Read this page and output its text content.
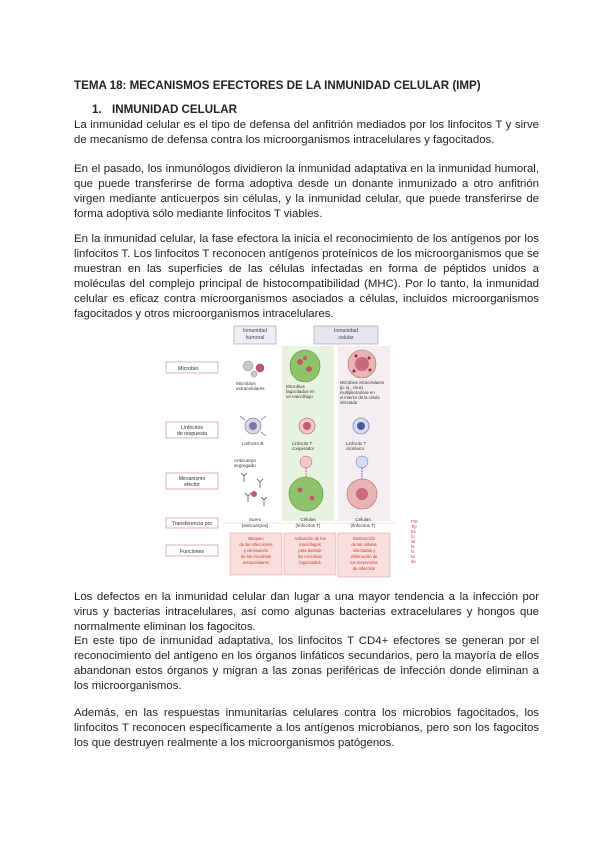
TEMA 18: MECANISMOS EFECTORES DE LA INMUNIDAD CELULAR (IMP)
1. INMUNIDAD CELULAR

La inmunidad celular es el tipo de defensa del anfitrión mediados por los linfocitos T y sirve de mecanismo de defensa contra los microorganismos intracelulares y fagocitados.

En el pasado, los inmunólogos dividieron la inmunidad adaptativa en la inmunidad humoral, que puede transferirse de forma adoptiva desde un donante inmunizado a otro anfitrión virgen mediante anticuerpos sin células, y la inmunidad celular, que puede transferirse de forma adoptiva sólo mediante linfocitos T viables.

En la inmunidad celular, la fase efectora la inicia el reconocimiento de los antígenos por los linfocitos T. Los linfocitos T reconocen antígenos proteínicos de los microorganismos que se muestran en las superficies de las células infectadas en forma de péptidos unidos a moléculas del complejo principal de histocompatibilidad (MHC). Por lo tanto, la inmunidad celular es eficaz contra microorganismos asociados a células, incluidos microorganismos fagocitados y otros microorganismos intracelulares.

Inmunidad
humoral
Inmunidad
celular
Microbio
Linfocitos
de respuesta
Mecanismo
efector
Transferencia por
Funciones
Microbios
extracelulares	Microbios
fagocitados en
un macrófago
Microbios intracelulares
(p. ej., virus)
multiplicándose en
el interior de la célula
infectada
Linfocito B	Linfocito T
cooperador
Linfocito T
citotóxico
Anticuerpo
segregado
Suero
(anticuerpos)
Células
(linfocitos T)
Células
(linfocitos T)
Bloqueo
de las infecciones
y eliminación
de los microbios
extracelulares
Activación de los
macrófagos
para destruir
los microbios
fagocitados
Destrucción
de las células
infectadas y
eliminación de
los reservorios
de infección
FIG
Tip
Ex
fo
lul
fa
fo
lul
de

Los defectos en la inmunidad celular dan lugar a una mayor tendencia a la infección por virus y bacterias intracelulares, así como algunas bacterias extracelulares y hongos que normalmente eliminan los fagocitos.

En este tipo de inmunidad adaptativa, los linfocitos T CD4+ efectores se generan por el reconocimiento del antígeno en los órganos linfáticos secundarios, pero la mayoría de ellos abandonan estos órganos y migran a las zonas periféricas de infección donde eliminan a los microorganismos.

Además, en las respuestas inmunitarias celulares contra los microbios fagocitados, los linfocitos T reconocen específicamente a los antígenos microbianos, pero son los fagocitos los que destruyen realmente a los microorganismos patógenos.
